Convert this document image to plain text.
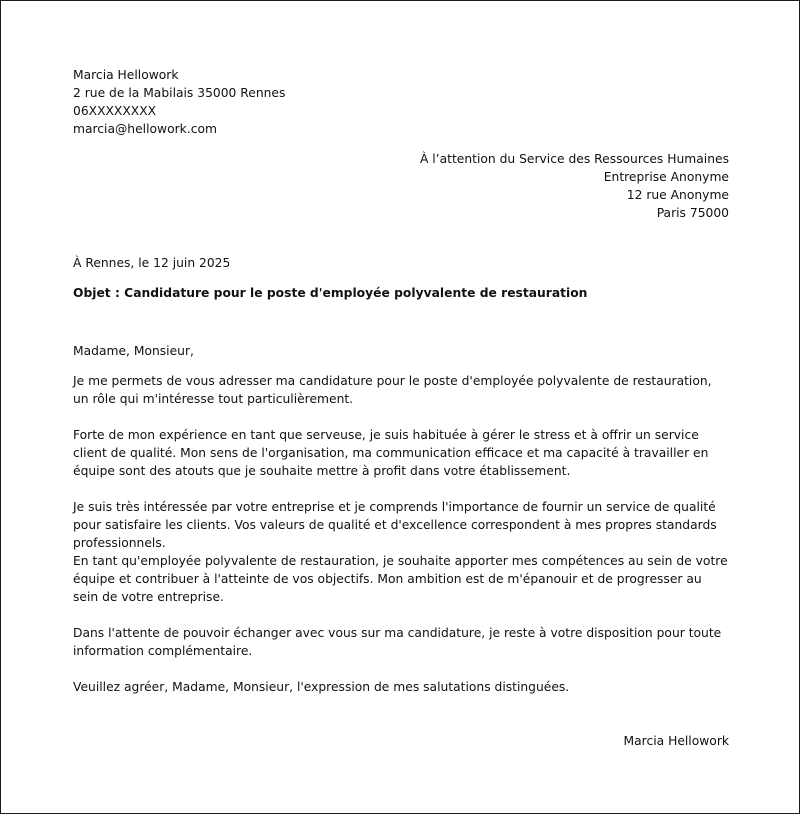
Marcia Hellowork
2 rue de la Mabilais 35000 Rennes
06XXXXXXXX
marcia@hellowork.com
À l’attention du Service des Ressources Humaines
Entreprise Anonyme
12 rue Anonyme
Paris 75000
À Rennes, le 12 juin 2025
Objet : Candidature pour le poste d'employée polyvalente de restauration
Madame, Monsieur,

Je me permets de vous adresser ma candidature pour le poste d'employée polyvalente de restauration, un rôle qui m'intéresse tout particulièrement.

Forte de mon expérience en tant que serveuse, je suis habituée à gérer le stress et à offrir un service client de qualité. Mon sens de l'organisation, ma communication efficace et ma capacité à travailler en équipe sont des atouts que je souhaite mettre à profit dans votre établissement.

Je suis très intéressée par votre entreprise et je comprends l'importance de fournir un service de qualité pour satisfaire les clients. Vos valeurs de qualité et d'excellence correspondent à mes propres standards professionnels.

En tant qu'employée polyvalente de restauration, je souhaite apporter mes compétences au sein de votre équipe et contribuer à l'atteinte de vos objectifs. Mon ambition est de m'épanouir et de progresser au sein de votre entreprise.

Dans l'attente de pouvoir échanger avec vous sur ma candidature, je reste à votre disposition pour toute information complémentaire.

Veuillez agréer, Madame, Monsieur, l'expression de mes salutations distinguées.

Marcia Hellowork
